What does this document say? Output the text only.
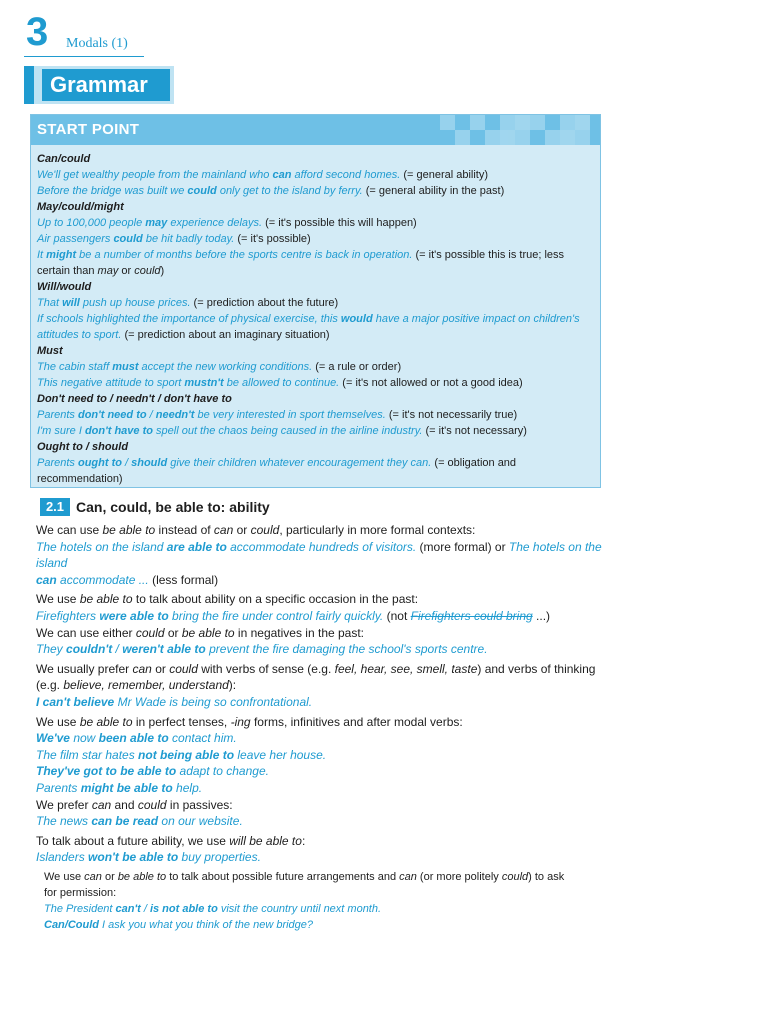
3 Modals (1)
Grammar
START POINT

Can/could

We'll get wealthy people from the mainland who can afford second homes. (= general ability)

Before the bridge was built we could only get to the island by ferry. (= general ability in the past)

May/could/might

Up to 100,000 people may experience delays. (= it's possible this will happen)

Air passengers could be hit badly today. (= it's possible)

It might be a number of months before the sports centre is back in operation. (= it's possible this is true; less

certain than may or could)

Will/would

That will push up house prices. (= prediction about the future)

If schools highlighted the importance of physical exercise, this would have a major positive impact on children's

attitudes to sport. (= prediction about an imaginary situation)

Must

The cabin staff must accept the new working conditions. (= a rule or order)

This negative attitude to sport mustn't be allowed to continue. (= it's not allowed or not a good idea)

Don't need to / needn't / don't have to

Parents don't need to / needn't be very interested in sport themselves. (= it's not necessarily true)

I'm sure I don't have to spell out the chaos being caused in the airline industry. (= it's not necessary)

Ought to / should

Parents ought to / should give their children whatever encouragement they can. (= obligation and

recommendation)

2.1 Can, could, be able to: ability

We can use be able to instead of can or could, particularly in more formal contexts:

The hotels on the island are able to accommodate hundreds of visitors. (more formal) or The hotels on the island

can accommodate ... (less formal)

We use be able to to talk about ability on a specific occasion in the past:

Firefighters were able to bring the fire under control fairly quickly. (not Firefighters could bring ...)

We can use either could or be able to in negatives in the past:

They couldn't / weren't able to prevent the fire damaging the school's sports centre.

We usually prefer can or could with verbs of sense (e.g. feel, hear, see, smell, taste) and verbs of thinking

(e.g. believe, remember, understand):

I can't believe Mr Wade is being so confrontational.

We use be able to in perfect tenses, -ing forms, infinitives and after modal verbs:

We've now been able to contact him.

The film star hates not being able to leave her house.

They've got to be able to adapt to change.

Parents might be able to help.

We prefer can and could in passives:

The news can be read on our website.

To talk about a future ability, we use will be able to:

Islanders won't be able to buy properties.

We use can or be able to to talk about possible future arrangements and can (or more politely could) to ask

for permission:

The President can't / is not able to visit the country until next month.

Can/Could I ask you what you think of the new bridge?
